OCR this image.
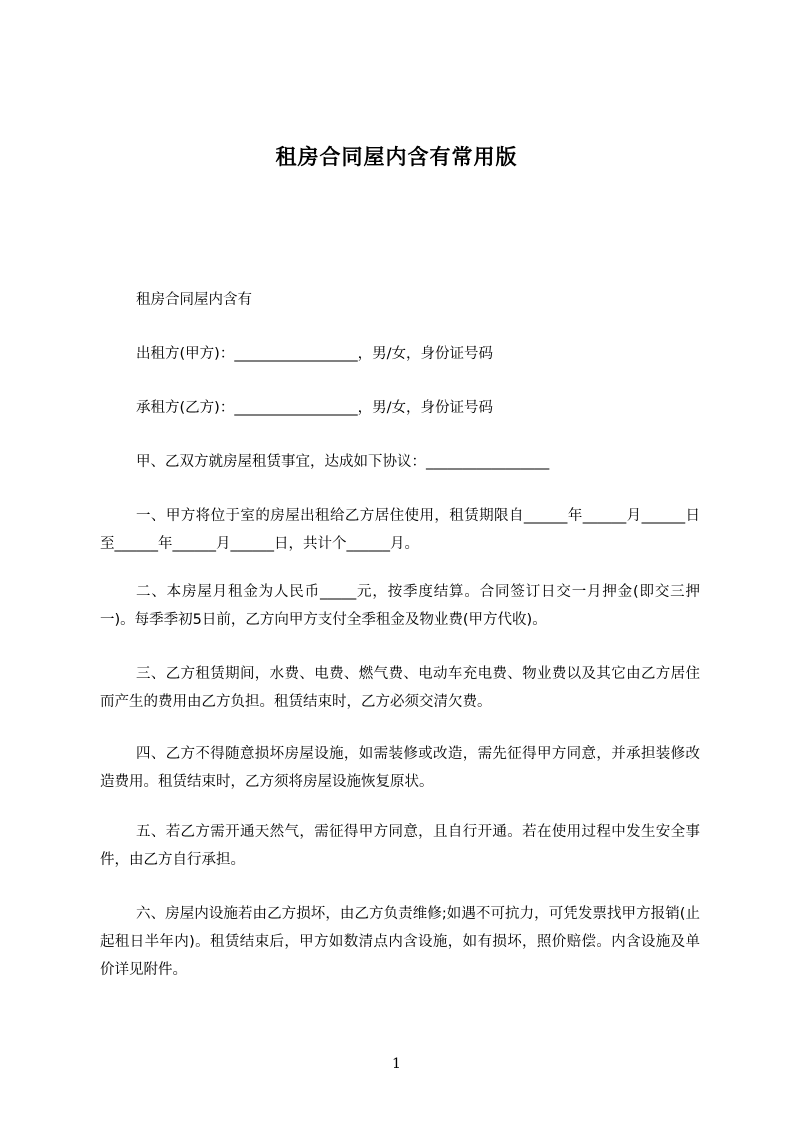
租房合同屋内含有常用版

租房合同屋内含有

出租方(甲方)：_________________，男/女，身份证号码

承租方(乙方)：_________________，男/女，身份证号码

甲、乙双方就房屋租赁事宜，达成如下协议：_________________

一、甲方将位于室的房屋出租给乙方居住使用，租赁期限自______年______月______日至______年______月______日，共计个______月。

二、本房屋月租金为人民币_____元，按季度结算。合同签订日交一月押金(即交三押一)。每季季初5日前，乙方向甲方支付全季租金及物业费(甲方代收)。

三、乙方租赁期间，水费、电费、燃气费、电动车充电费、物业费以及其它由乙方居住而产生的费用由乙方负担。租赁结束时，乙方必须交清欠费。

四、乙方不得随意损坏房屋设施，如需装修或改造，需先征得甲方同意，并承担装修改造费用。租赁结束时，乙方须将房屋设施恢复原状。

五、若乙方需开通天然气，需征得甲方同意，且自行开通。若在使用过程中发生安全事件，由乙方自行承担。

六、房屋内设施若由乙方损坏，由乙方负责维修;如遇不可抗力，可凭发票找甲方报销(止起租日半年内)。租赁结束后，甲方如数清点内含设施，如有损坏，照价赔偿。内含设施及单价详见附件。

1
